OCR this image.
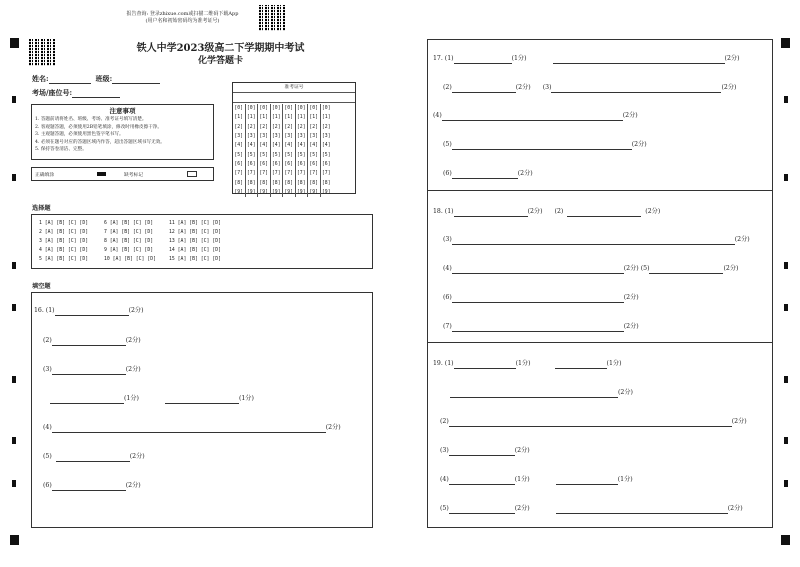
报告查询: 登录zhixue.com或扫描二维码下载App
(用户名和初始密码均为准考证号)
铁人中学2023级高二下学期期中考试
化学答题卡
姓名:	班级:
考场/座位号:
注意事项
1. 答题前请将姓名、班级、考场、准考证号填写清楚。
2. 客观题答题，必须使用2B铅笔填涂，修改时用橡皮擦干净。
3. 主观题答题，必须使用黑色签字笔书写。
4. 必须在题号对应的答题区域内作答，超出答题区域书写无效。
5. 保持答卷清洁、完整。
正确填涂	缺考标记
准考证号
[0]	[0]	[0]	[0]	[0]	[0]	[0]	[0]
[1]	[1]	[1]	[1]	[1]	[1]	[1]	[1]
[2]	[2]	[2]	[2]	[2]	[2]	[2]	[2]
[3]	[3]	[3]	[3]	[3]	[3]	[3]	[3]
[4]	[4]	[4]	[4]	[4]	[4]	[4]	[4]
[5]	[5]	[5]	[5]	[5]	[5]	[5]	[5]
[6]	[6]	[6]	[6]	[6]	[6]	[6]	[6]
[7]	[7]	[7]	[7]	[7]	[7]	[7]	[7]
[8]	[8]	[8]	[8]	[8]	[8]	[8]	[8]
[9]	[9]	[9]	[9]	[9]	[9]	[9]	[9]
选择题
1 [A] [B] [C] [D]	6 [A] [B] [C] [D]	11 [A] [B] [C] [D]
2 [A] [B] [C] [D]	7 [A] [B] [C] [D]	12 [A] [B] [C] [D]
3 [A] [B] [C] [D]	8 [A] [B] [C] [D]	13 [A] [B] [C] [D]
4 [A] [B] [C] [D]	9 [A] [B] [C] [D]	14 [A] [B] [C] [D]
5 [A] [B] [C] [D]	10 [A] [B] [C] [D]	15 [A] [B] [C] [D]
填空题
16. (1)	(2分)
(2)	(2分)
(3)	(2分)
(1分)	(1分)
(4)	(2分)
(5)	(2分)
(6)	(2分)
17. (1)	(1分)	(2分)
(2)	(2分) (3)	(2分)
(4)	(2分)
(5)	(2分)
(6)	(2分)
18. (1)	(2分) (2)	(2分)
(3)	(2分)
(4)	(2分) (5)	(2分)
(6)	(2分)
(7)	(2分)
19. (1)	(1分)	(1分)
(2分)
(2)	(2分)
(3)	(2分)
(4)	(1分)	(1分)
(5)	(2分)	(2分)
